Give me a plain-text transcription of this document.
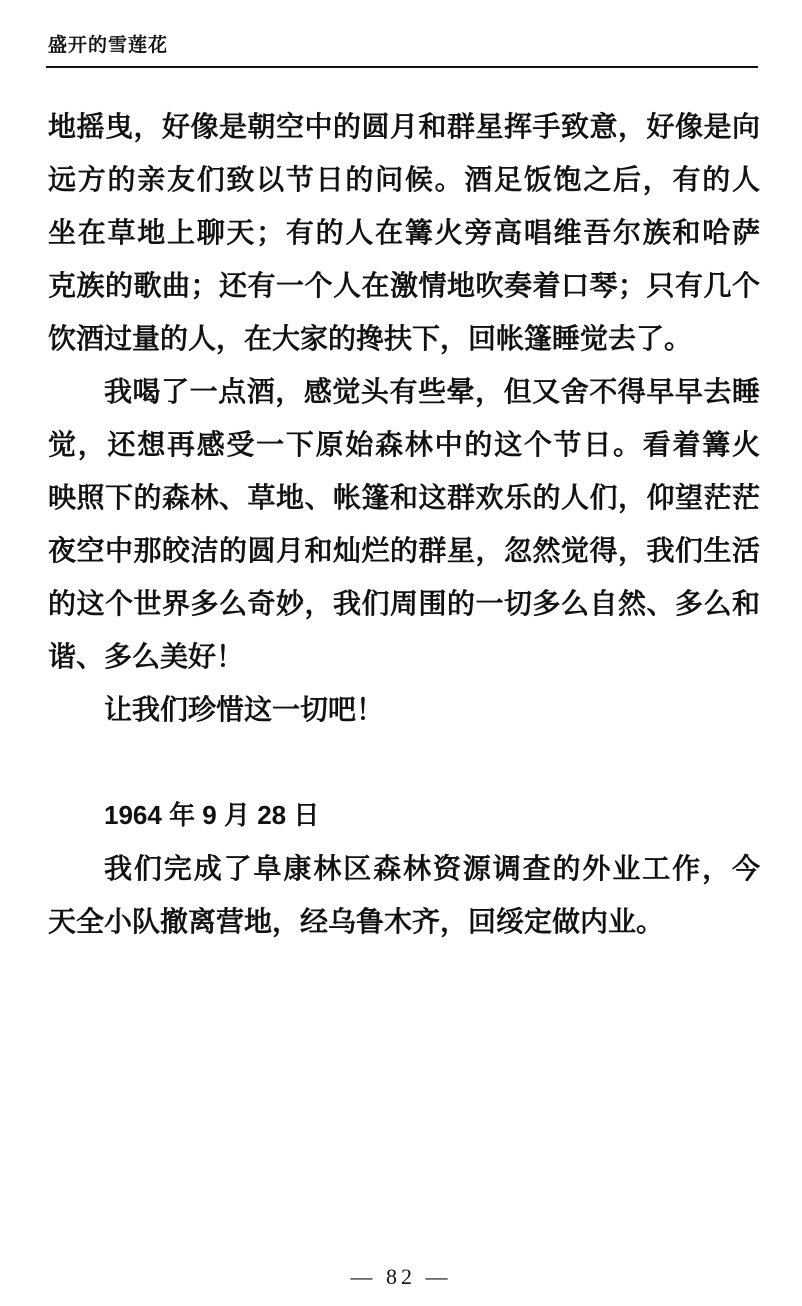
盛开的雪莲花
地摇曳，好像是朝空中的圆月和群星挥手致意，好像是向
远方的亲友们致以节日的问候。酒足饭饱之后，有的人
坐在草地上聊天；有的人在篝火旁高唱维吾尔族和哈萨
克族的歌曲；还有一个人在激情地吹奏着口琴；只有几个
饮酒过量的人，在大家的搀扶下，回帐篷睡觉去了。
我喝了一点酒，感觉头有些晕，但又舍不得早早去睡
觉，还想再感受一下原始森林中的这个节日。看着篝火
映照下的森林、草地、帐篷和这群欢乐的人们，仰望茫茫
夜空中那皎洁的圆月和灿烂的群星，忽然觉得，我们生活
的这个世界多么奇妙，我们周围的一切多么自然、多么和
谐、多么美好！
让我们珍惜这一切吧！
1964 年 9 月 28 日
我们完成了阜康林区森林资源调查的外业工作，今
天全小队撤离营地，经乌鲁木齐，回绥定做内业。
— 82 —
